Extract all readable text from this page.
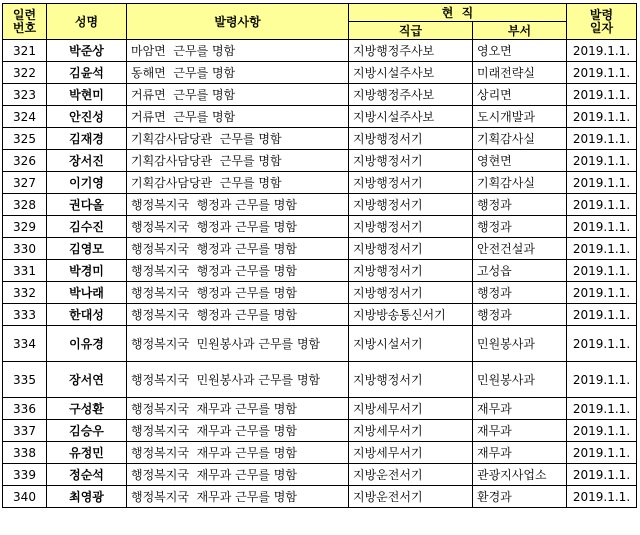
일련
번호	성명	발령사항	현  직		발령
일자

			직급	부서	
321	박준상	마암면  근무를 명함	지방행정주사보	영오면	2019.1.1.
322	김윤석	동해면  근무를 명함	지방시설주사보	미래전략실	2019.1.1.
323	박현미	거류면  근무를 명함	지방행정주사보	상리면	2019.1.1.
324	안진성	거류면  근무를 명함	지방시설주사보	도시개발과	2019.1.1.
325	김재경	기획감사담당관  근무를 명함	지방행정서기	기획감사실	2019.1.1.
326	장서진	기획감사담당관  근무를 명함	지방행정서기	영현면	2019.1.1.
327	이기영	기획감사담당관  근무를 명함	지방행정서기	기획감사실	2019.1.1.
328	권다올	행정복지국  행정과 근무를 명함	지방행정서기	행정과	2019.1.1.
329	김수진	행정복지국  행정과 근무를 명함	지방행정서기	행정과	2019.1.1.
330	김영모	행정복지국  행정과 근무를 명함	지방행정서기	안전건설과	2019.1.1.
331	박경미	행정복지국  행정과 근무를 명함	지방행정서기	고성읍	2019.1.1.
332	박나래	행정복지국  행정과 근무를 명함	지방행정서기	행정과	2019.1.1.
333	한대성	행정복지국  행정과 근무를 명함	지방방송통신서기	행정과	2019.1.1.
334	이유경	행정복지국  민원봉사과 근무를 명함	지방시설서기	민원봉사과	2019.1.1.
335	장서연	행정복지국  민원봉사과 근무를 명함	지방행정서기	민원봉사과	2019.1.1.
336	구성환	행정복지국  재무과 근무를 명함	지방세무서기	재무과	2019.1.1.
337	김승우	행정복지국  재무과 근무를 명함	지방세무서기	재무과	2019.1.1.
338	유정민	행정복지국  재무과 근무를 명함	지방세무서기	재무과	2019.1.1.
339	정순석	행정복지국  재무과 근무를 명함	지방운전서기	관광지사업소	2019.1.1.
340	최영광	행정복지국  재무과 근무를 명함	지방운전서기	환경과	2019.1.1.
